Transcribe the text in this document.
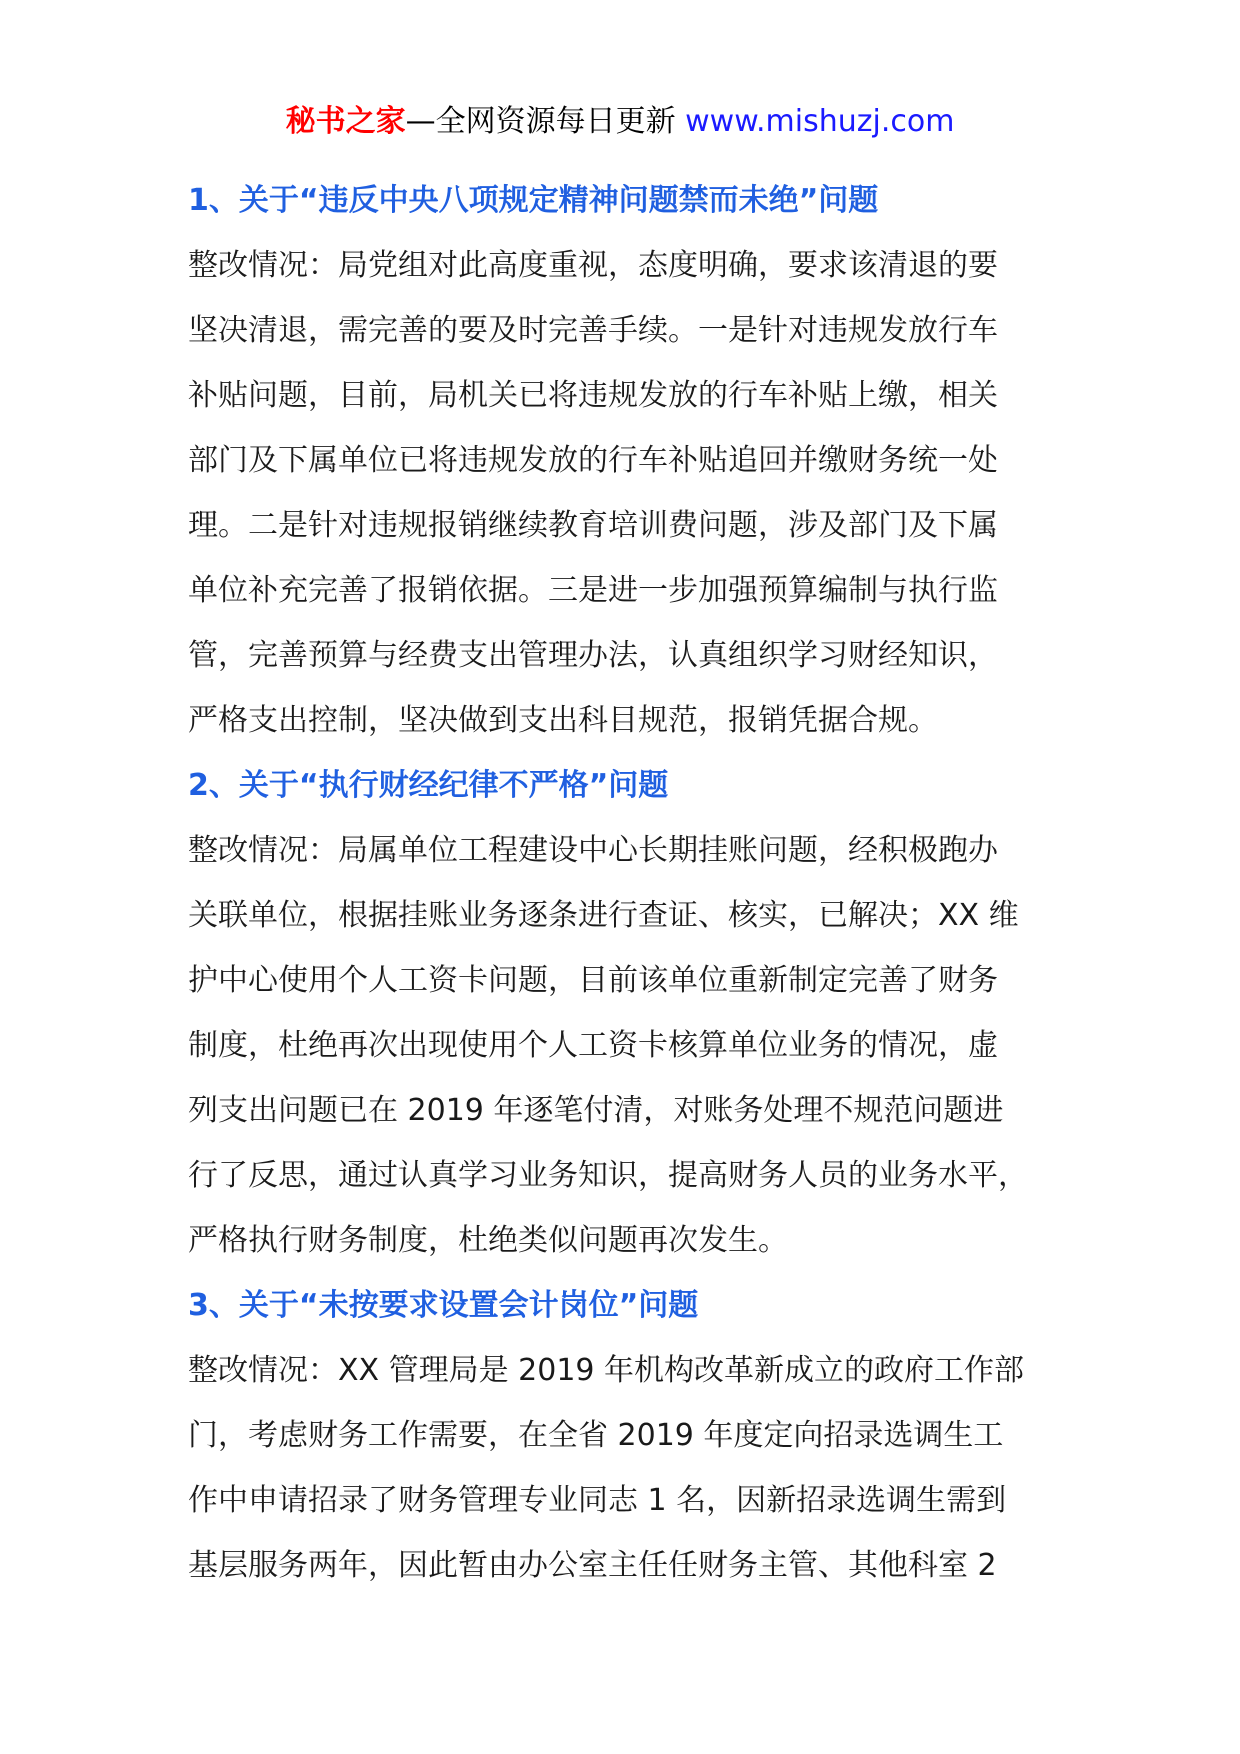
秘书之家—全网资源每日更新 www.mishuzj.com
1、关于“违反中央八项规定精神问题禁而未绝”问题
整改情况：局党组对此高度重视，态度明确，要求该清退的要
坚决清退，需完善的要及时完善手续。一是针对违规发放行车
补贴问题，目前，局机关已将违规发放的行车补贴上缴，相关
部门及下属单位已将违规发放的行车补贴追回并缴财务统一处
理。二是针对违规报销继续教育培训费问题，涉及部门及下属
单位补充完善了报销依据。三是进一步加强预算编制与执行监
管，完善预算与经费支出管理办法，认真组织学习财经知识，
严格支出控制，坚决做到支出科目规范，报销凭据合规。
2、关于“执行财经纪律不严格”问题
整改情况：局属单位工程建设中心长期挂账问题，经积极跑办
关联单位，根据挂账业务逐条进行查证、核实，已解决；XX 维
护中心使用个人工资卡问题，目前该单位重新制定完善了财务
制度，杜绝再次出现使用个人工资卡核算单位业务的情况，虚
列支出问题已在 2019 年逐笔付清，对账务处理不规范问题进
行了反思，通过认真学习业务知识，提高财务人员的业务水平，
严格执行财务制度，杜绝类似问题再次发生。
3、关于“未按要求设置会计岗位”问题
整改情况：XX 管理局是 2019 年机构改革新成立的政府工作部
门，考虑财务工作需要，在全省 2019 年度定向招录选调生工
作中申请招录了财务管理专业同志 1 名，因新招录选调生需到
基层服务两年，因此暂由办公室主任任财务主管、其他科室 2
